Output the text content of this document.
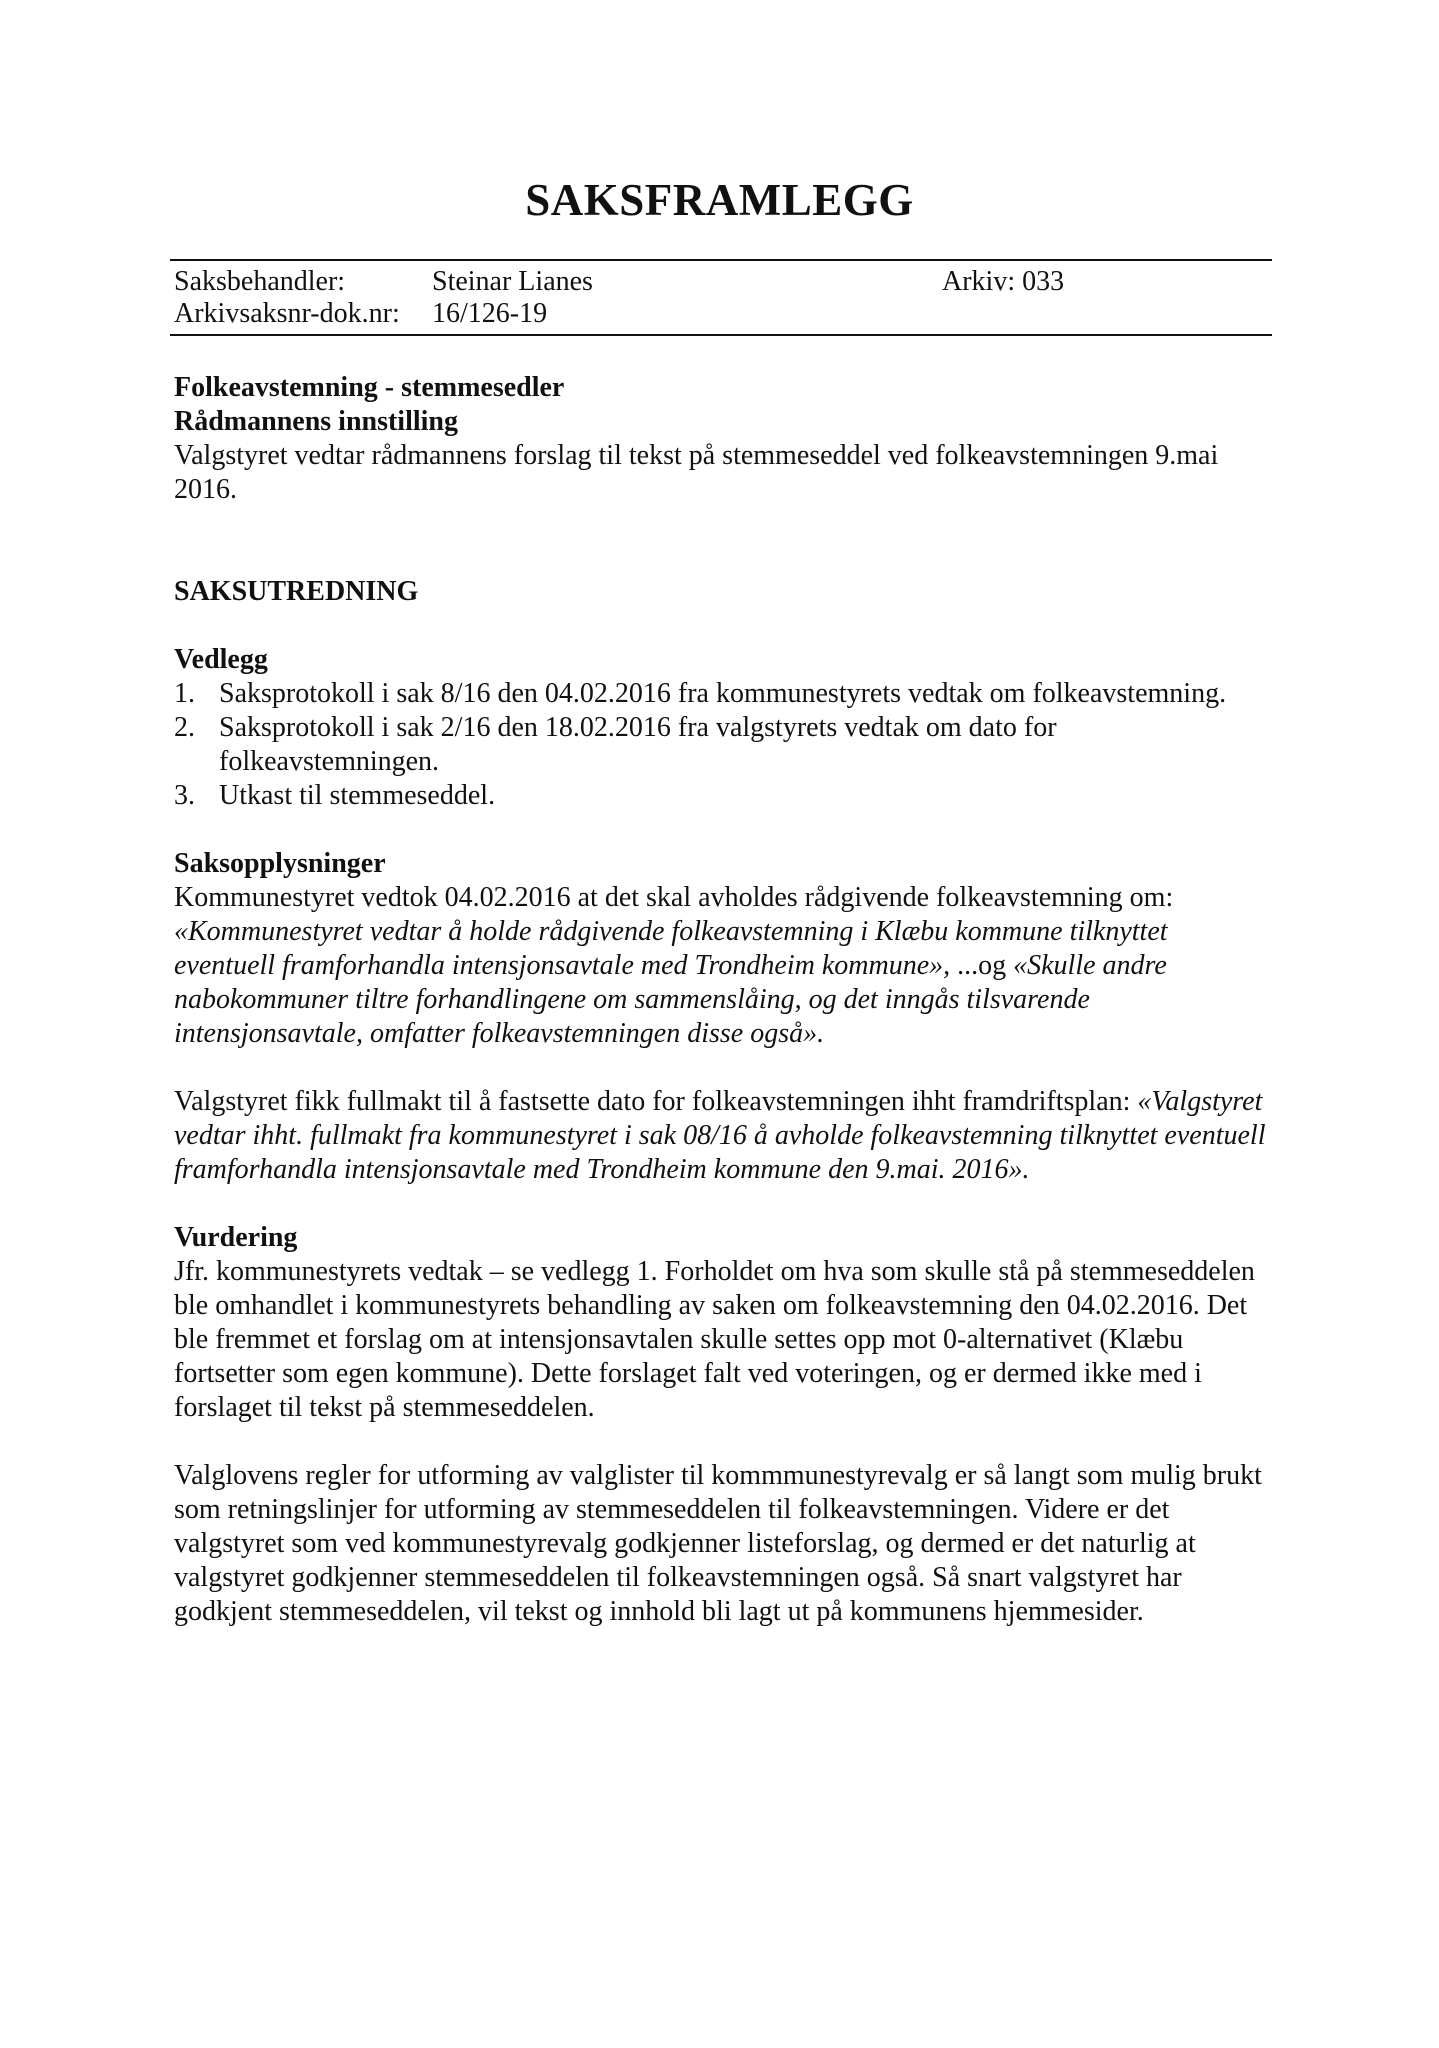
SAKSFRAMLEGG
Saksbehandler:	Steinar Lianes	Arkiv: 033
Arkivsaksnr-dok.nr: 16/126-19

Folkeavstemning - stemmesedler

Rådmannens innstilling

Valgstyret vedtar rådmannens forslag til tekst på stemmeseddel ved folkeavstemningen 9.mai 2016.

SAKSUTREDNING

Vedlegg

1. Saksprotokoll i sak 8/16 den 04.02.2016 fra kommunestyrets vedtak om folkeavstemning.
2. Saksprotokoll i sak 2/16 den 18.02.2016 fra valgstyrets vedtak om dato for folkeavstemningen.
3. Utkast til stemmeseddel.

Saksopplysninger

Kommunestyret vedtok 04.02.2016 at det skal avholdes rådgivende folkeavstemning om: «Kommunestyret vedtar å holde rådgivende folkeavstemning i Klæbu kommune tilknyttet eventuell framforhandla intensjonsavtale med Trondheim kommune», ...og «Skulle andre nabokommuner tiltre forhandlingene om sammenslåing, og det inngås tilsvarende intensjonsavtale, omfatter folkeavstemningen disse også».

Valgstyret fikk fullmakt til å fastsette dato for folkeavstemningen ihht framdriftsplan: «Valgstyret vedtar ihht. fullmakt fra kommunestyret i sak 08/16 å avholde folkeavstemning tilknyttet eventuell framforhandla intensjonsavtale med Trondheim kommune den 9.mai. 2016».

Vurdering

Jfr. kommunestyrets vedtak – se vedlegg 1. Forholdet om hva som skulle stå på stemmeseddelen ble omhandlet i kommunestyrets behandling av saken om folkeavstemning den 04.02.2016. Det ble fremmet et forslag om at intensjonsavtalen skulle settes opp mot 0-alternativet (Klæbu fortsetter som egen kommune). Dette forslaget falt ved voteringen, og er dermed ikke med i forslaget til tekst på stemmeseddelen.

Valglovens regler for utforming av valglister til kommmunestyrevalg er så langt som mulig brukt som retningslinjer for utforming av stemmeseddelen til folkeavstemningen. Videre er det valgstyret som ved kommunestyrevalg godkjenner listeforslag, og dermed er det naturlig at valgstyret godkjenner stemmeseddelen til folkeavstemningen også. Så snart valgstyret har godkjent stemmeseddelen, vil tekst og innhold bli lagt ut på kommunens hjemmesider.
